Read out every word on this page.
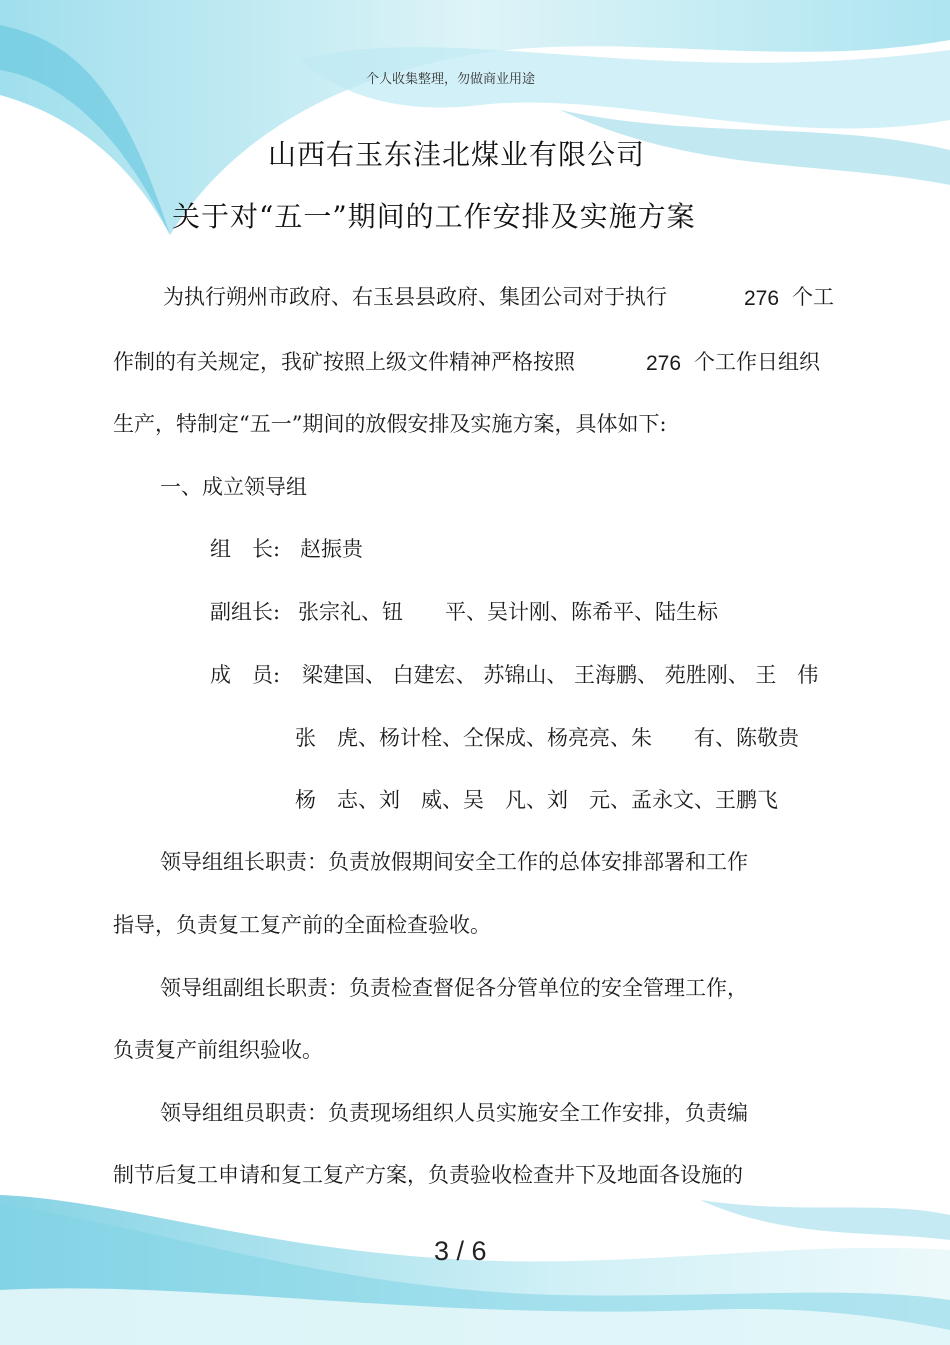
个人收集整理，勿做商业用途
山西右玉东洼北煤业有限公司
关于对“五一”期间的工作安排及实施方案
为执行朔州市政府、右玉县县政府、集团公司对于执行	276 个工
作制的有关规定，我矿按照上级文件精神严格按照	276 个工作日组织
生产，特制定“五一”期间的放假安排及实施方案，具体如下:
一、成立领导组
组　长: 赵振贵
副组长: 张宗礼、钮　　平、吴计刚、陈希平、陆生标
成　员: 梁建国、 白建宏、 苏锦山、 王海鹏、 苑胜刚、 王　伟
张　虎、杨计栓、仝保成、杨亮亮、朱　　有、陈敬贵
杨　志、刘　威、吴　凡、刘　元、孟永文、王鹏飞
领导组组长职责：负责放假期间安全工作的总体安排部署和工作
指导，负责复工复产前的全面检查验收。
领导组副组长职责：负责检查督促各分管单位的安全管理工作，
负责复产前组织验收。
领导组组员职责：负责现场组织人员实施安全工作安排，负责编
制节后复工申请和复工复产方案，负责验收检查井下及地面各设施的
3 / 6
